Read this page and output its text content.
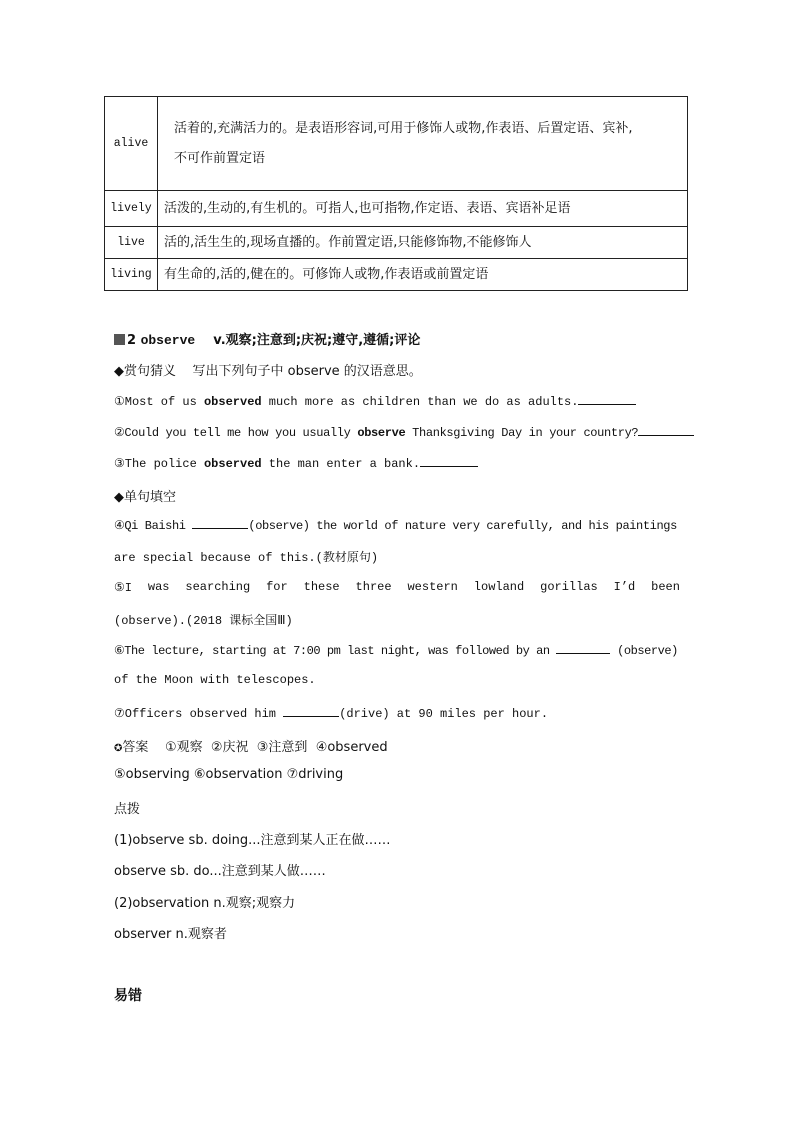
alive	活着的,充满活力的。是表语形容词,可用于修饰人或物,作表语、后置定语、宾补,
不可作前置定语

lively	活泼的,生动的,有生机的。可指人,也可指物,作定语、表语、宾语补足语
live	活的,活生生的,现场直播的。作前置定语,只能修饰物,不能修饰人
living	有生命的,活的,健在的。可修饰人或物,作表语或前置定语
2 observe v.观察;注意到;庆祝;遵守,遵循;评论
◆赏句猜义 写出下列句子中 observe 的汉语意思。
①Most of us observed much more as children than we do as adults.
②Could you tell me how you usually observe Thanksgiving Day in your country?
③The police observed the man enter a bank.
◆单句填空
④Qi Baishi	(observe) the world of nature very carefully, and his paintings
are special because of this.(教材原句)
⑤I was searching for these three western lowland gorillas I’d been
(observe).(2018 课标全国Ⅲ)
⑥The lecture, starting at 7:00 pm last night, was followed by an	(observe)
of the Moon with telescopes.
⑦Officers observed him	(drive) at 90 miles per hour.
✪答案 ①观察  ②庆祝  ③注意到  ④observed
⑤observing ⑥observation ⑦driving
点拨
(1)observe sb. doing...注意到某人正在做……
observe sb. do...注意到某人做……
(2)observation n.观察;观察力
observer n.观察者
易错
